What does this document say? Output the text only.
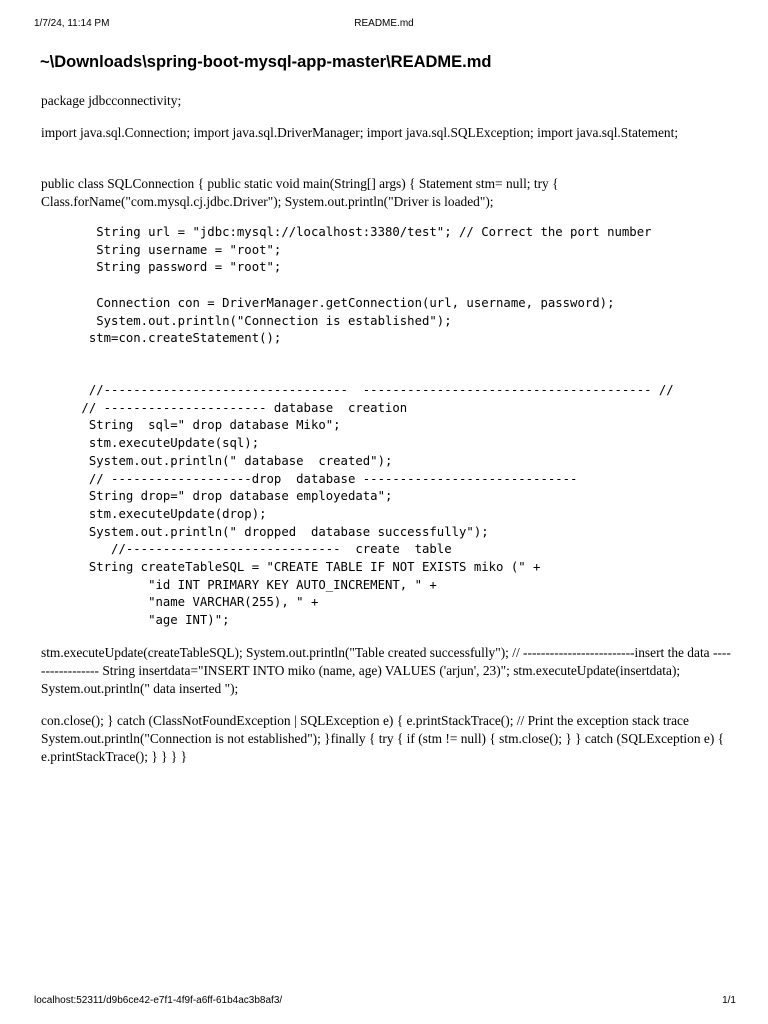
1/7/24, 11:14 PM	README.md
~\Downloads\spring-boot-mysql-app-master\README.md

package jdbcconnectivity;

import java.sql.Connection; import java.sql.DriverManager; import java.sql.SQLException; import java.sql.Statement;

public class SQLConnection { public static void main(String[] args) { Statement stm= null; try { Class.forName("com.mysql.cj.jdbc.Driver"); System.out.println("Driver is loaded");

String url = "jdbc:mysql://localhost:3380/test"; // Correct the port number
String username = "root";
String password = "root";

Connection con = DriverManager.getConnection(url, username, password);
System.out.println("Connection is established");
stm=con.createStatement();
//---------------------------------  --------------------------------------- //
// ---------------------- database  creation
String  sql=" drop database Miko";
stm.executeUpdate(sql);
System.out.println(" database  created");
// -------------------drop  database -----------------------------
String drop=" drop database employedata";
stm.executeUpdate(drop);
System.out.println(" dropped  database successfully");
//-----------------------------  create  table
String createTableSQL = "CREATE TABLE IF NOT EXISTS miko (" +
"id INT PRIMARY KEY AUTO_INCREMENT, " +
"name VARCHAR(255), " +
"age INT)";

stm.executeUpdate(createTableSQL); System.out.println("Table created successfully"); // -------------------------insert the data ----------------- String insertdata="INSERT INTO miko (name, age) VALUES ('arjun', 23)"; stm.executeUpdate(insertdata); System.out.println(" data inserted ");

con.close(); } catch (ClassNotFoundException | SQLException e) { e.printStackTrace(); // Print the exception stack trace System.out.println("Connection is not established"); }finally { try { if (stm != null) { stm.close(); } } catch (SQLException e) { e.printStackTrace(); } } } }

localhost:52311/d9b6ce42-e7f1-4f9f-a6ff-61b4ac3b8af3/	1/1
